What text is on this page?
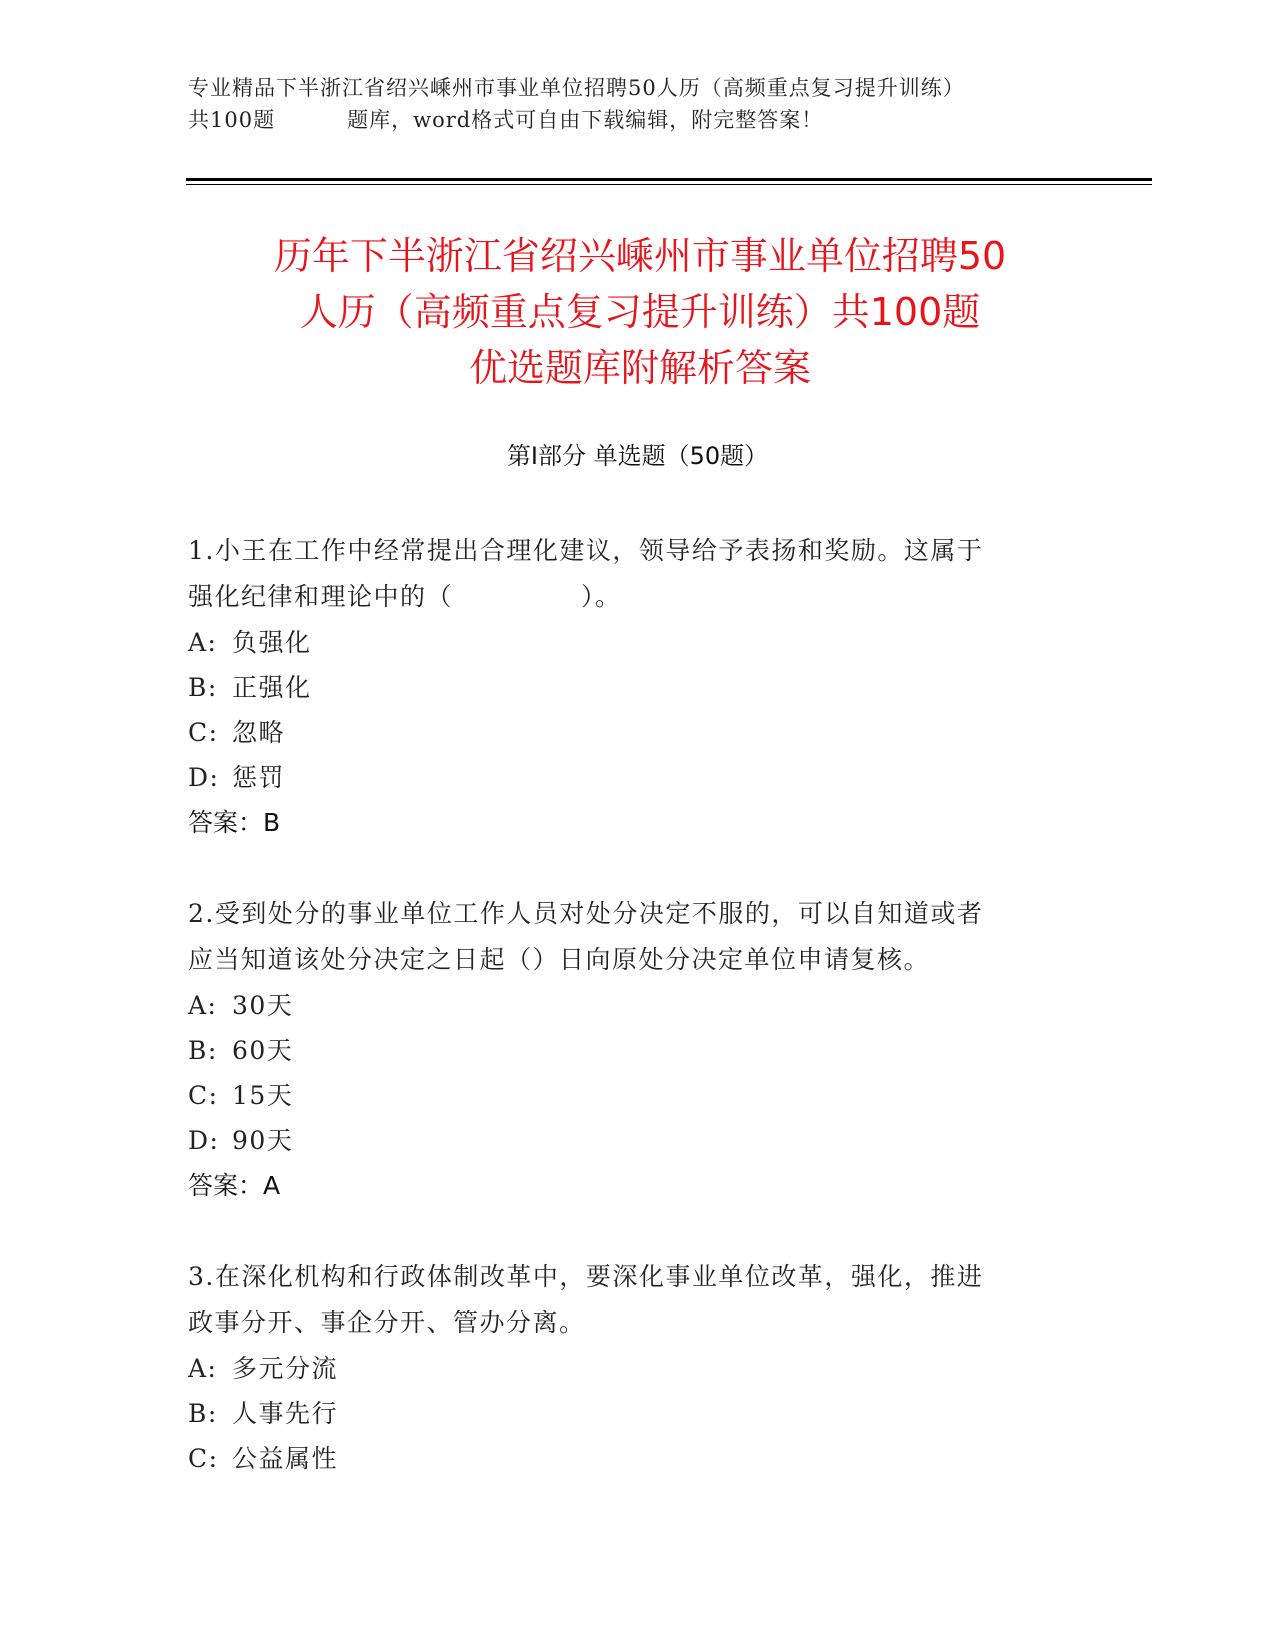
专业精品下半浙江省绍兴嵊州市事业单位招聘50人历（高频重点复习提升训练）
共100题	题库，word格式可自由下载编辑，附完整答案！
历年下半浙江省绍兴嵊州市事业单位招聘50
人历（高频重点复习提升训练）共100题
优选题库附解析答案
第Ⅰ部分 单选题（50题）

1.小王在工作中经常提出合理化建议，领导给予表扬和奖励。这属于

强化纪律和理论中的（	）。

A: 负强化

B: 正强化

C: 忽略

D: 惩罚

答案：B

2.受到处分的事业单位工作人员对处分决定不服的，可以自知道或者

应当知道该处分决定之日起（）日向原处分决定单位申请复核。

A: 30天

B: 60天

C: 15天

D: 90天

答案：A

3.在深化机构和行政体制改革中，要深化事业单位改革，强化，推进

政事分开、事企分开、管办分离。

A: 多元分流

B: 人事先行

C: 公益属性
